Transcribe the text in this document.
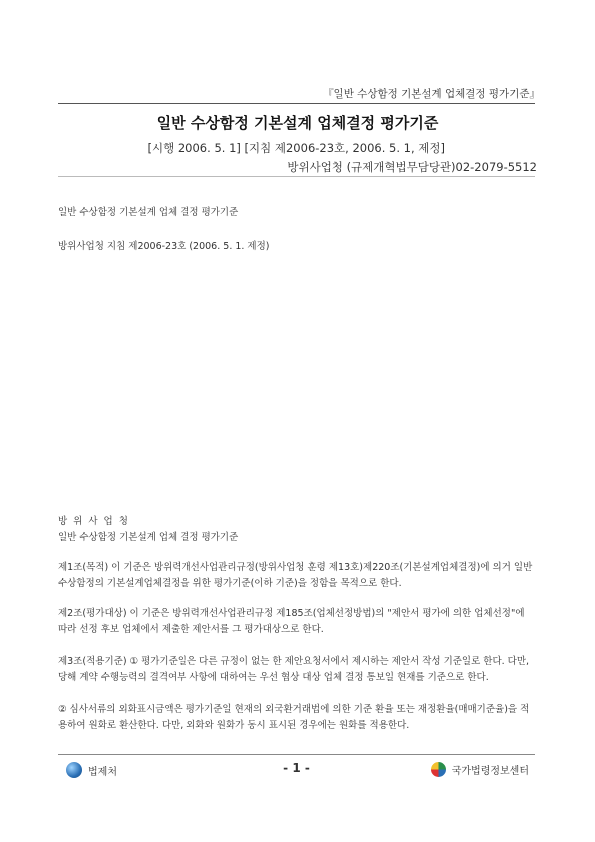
『일반 수상함정 기본설계 업체결정 평가기준』
일반 수상함정 기본설계 업체결정 평가기준
[시행 2006. 5. 1] [지침 제2006-23호, 2006. 5. 1, 제정]
방위사업청 (규제개혁법무담당관)02-2079-5512
일반 수상함정 기본설계 업체 결정 평가기준
방위사업청 지침 제2006-23호 (2006. 5. 1. 제정)
방위사업청
일반 수상함정 기본설계 업체 결정 평가기준
제1조(목적) 이 기준은 방위력개선사업관리규정(방위사업청 훈령 제13호)제220조(기본설계업체결정)에 의거 일반 수상함정의 기본설계업체결정을 위한 평가기준(이하 기준)을 정함을 목적으로 한다.
제2조(평가대상) 이 기준은 방위력개선사업관리규정 제185조(업체선정방법)의 "제안서 평가에 의한 업체선정"에 따라 선정 후보 업체에서 제출한 제안서를 그 평가대상으로 한다.
제3조(적용기준) ① 평가기준일은 다른 규정이 없는 한 제안요청서에서 제시하는 제안서 작성 기준일로 한다. 다만, 당해 계약 수행능력의 결격여부 사항에 대하여는 우선 협상 대상 업체 결정 통보일 현재를 기준으로 한다.
② 심사서류의 외화표시금액은 평가기준일 현재의 외국환거래법에 의한 기준 환율 또는 재정환율(매매기준율)을 적용하여 원화로 환산한다. 다만, 외화와 원화가 동시 표시된 경우에는 원화를 적용한다.
법제처	- 1 -	국가법령정보센터
